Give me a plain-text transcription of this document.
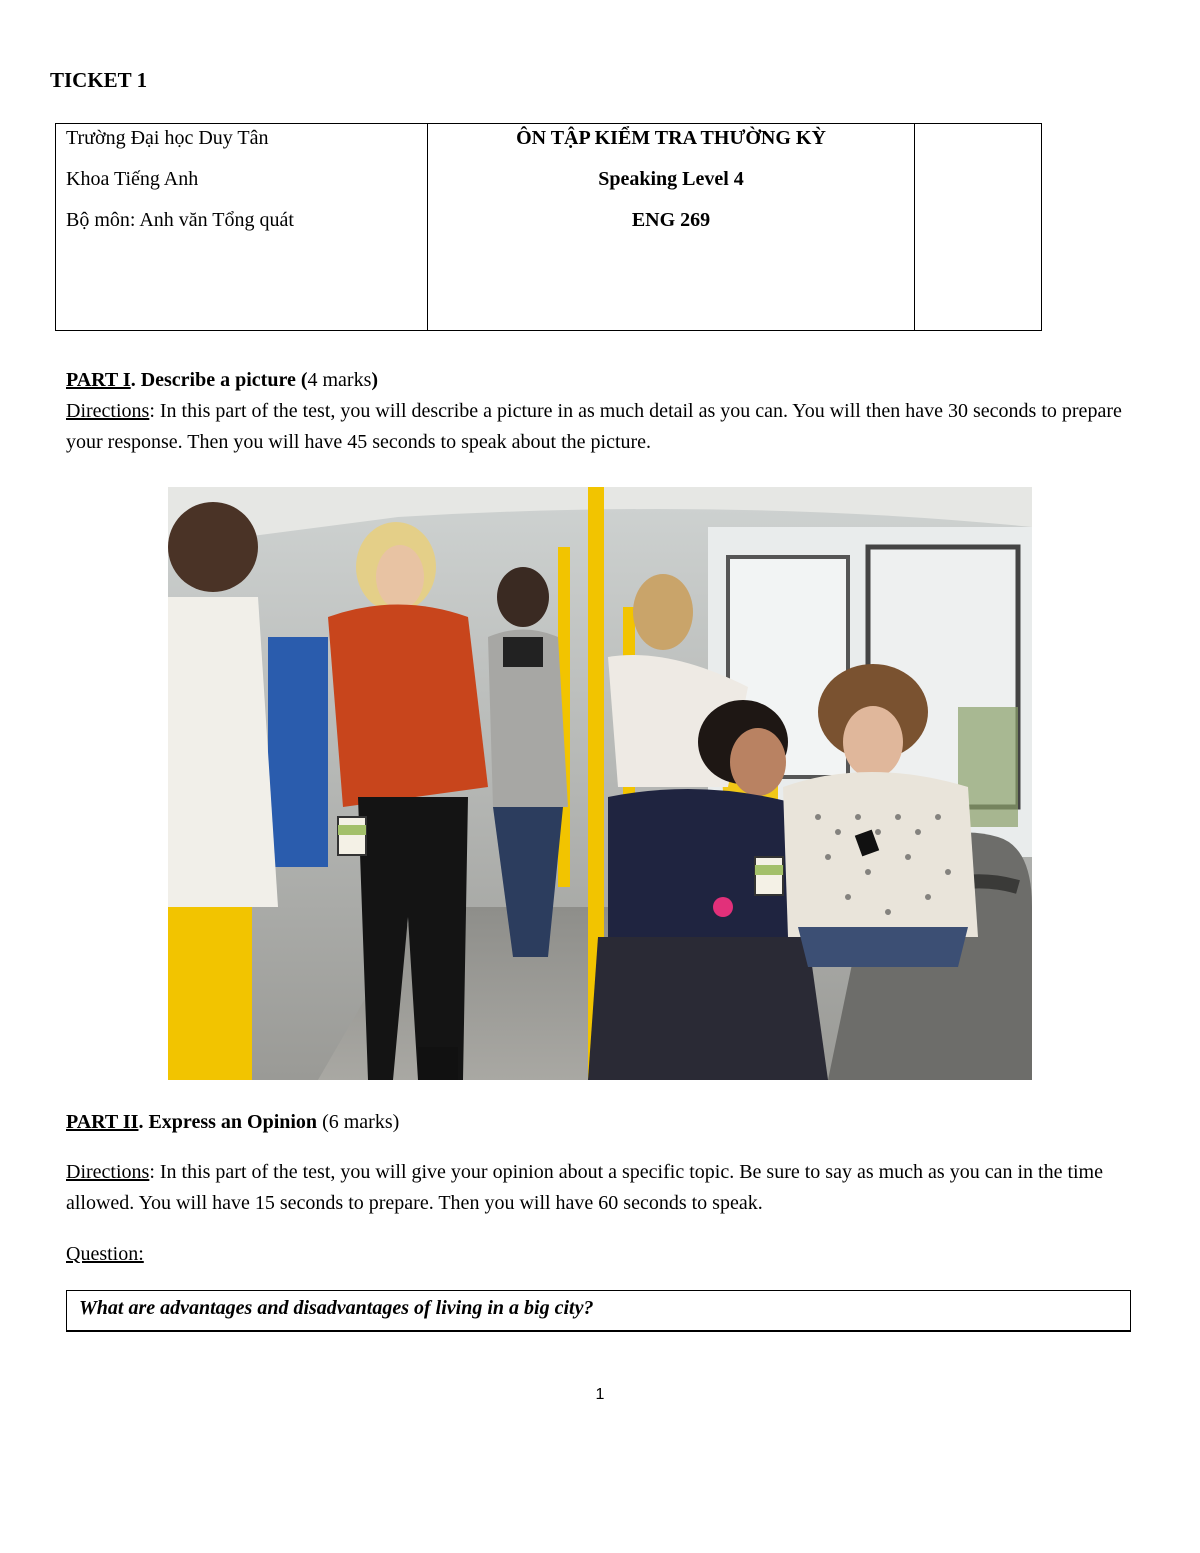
TICKET 1
Trường Đại học Duy Tân
Khoa Tiếng Anh
Bộ môn: Anh văn Tổng quát

ÔN TẬP KIỂM TRA THƯỜNG KỲ
Speaking Level 4
ENG 269

PART I. Describe a picture (4 marks)
Directions: In this part of the test, you will describe a picture in as much detail as you can. You will then have 30 seconds to prepare your response. Then you will have 45 seconds to speak about the picture.
PART II. Express an Opinion (6 marks)
Directions: In this part of the test, you will give your opinion about a specific topic. Be sure to say as much as you can in the time allowed. You will have 15 seconds to prepare. Then you will have 60 seconds to speak.
Question:
What are advantages and disadvantages of living in a big city?
1
